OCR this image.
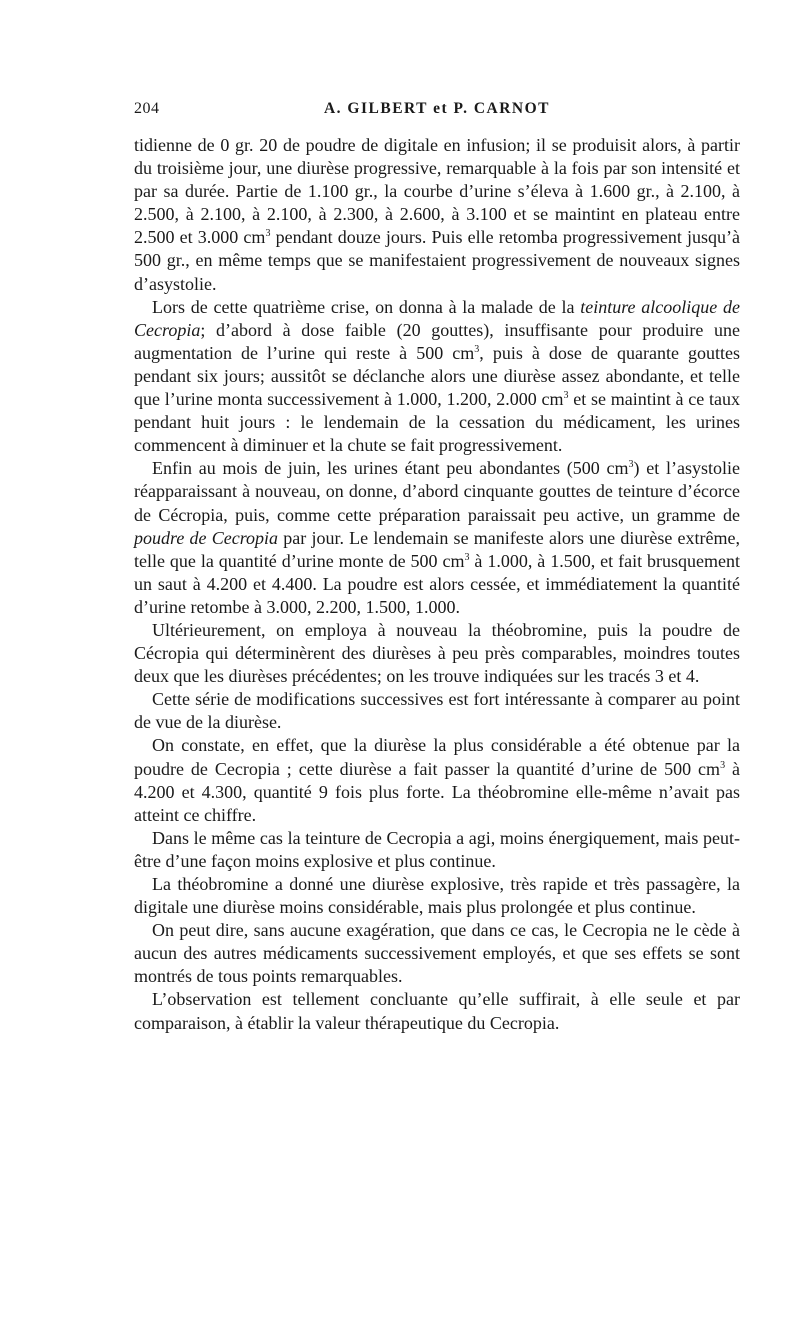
204	A. GILBERT et P. CARNOT

tidienne de 0 gr. 20 de poudre de digitale en infusion; il se produisit alors, à partir du troisième jour, une diurèse progressive, remarquable à la fois par son intensité et par sa durée. Partie de 1.100 gr., la courbe d’urine s’éleva à 1.600 gr., à 2.100, à 2.500, à 2.100, à 2.100, à 2.300, à 2.600, à 3.100 et se maintint en plateau entre 2.500 et 3.000 $cm^3$ pendant douze jours. Puis elle retomba progressivement jusqu’à 500 gr., en même temps que se manifestaient progressivement de nouveaux signes d’asystolie.

Lors de cette quatrième crise, on donna à la malade de la teinture alcoolique de Cecropia; d’abord à dose faible (20 gouttes), insuffisante pour produire une augmentation de l’urine qui reste à 500 $cm^3$, puis à dose de quarante gouttes pendant six jours; aussitôt se déclanche alors une diurèse assez abondante, et telle que l’urine monta successivement à 1.000, 1.200, 2.000 $cm^3$ et se maintint à ce taux pendant huit jours : le lendemain de la cessation du médicament, les urines commencent à diminuer et la chute se fait progressivement.

Enfin au mois de juin, les urines étant peu abondantes (500 $cm^3$) et l’asystolie réapparaissant à nouveau, on donne, d’abord cinquante gouttes de teinture d’écorce de Cécropia, puis, comme cette préparation paraissait peu active, un gramme de poudre de Cecropia par jour. Le lendemain se manifeste alors une diurèse extrême, telle que la quantité d’urine monte de 500 $cm^3$ à 1.000, à 1.500, et fait brusquement un saut à 4.200 et 4.400. La poudre est alors cessée, et immédiatement la quantité d’urine retombe à 3.000, 2.200, 1.500, 1.000.

Ultérieurement, on employa à nouveau la théobromine, puis la poudre de Cécropia qui déterminèrent des diurèses à peu près comparables, moindres toutes deux que les diurèses précédentes; on les trouve indiquées sur les tracés 3 et 4.

Cette série de modifications successives est fort intéressante à comparer au point de vue de la diurèse.

On constate, en effet, que la diurèse la plus considérable a été obtenue par la poudre de Cecropia ; cette diurèse a fait passer la quantité d’urine de 500 $cm^3$ à 4.200 et 4.300, quantité 9 fois plus forte. La théobromine elle-même n’avait pas atteint ce chiffre.

Dans le même cas la teinture de Cecropia a agi, moins énergiquement, mais peut-être d’une façon moins explosive et plus continue.

La théobromine a donné une diurèse explosive, très rapide et très passagère, la digitale une diurèse moins considérable, mais plus prolongée et plus continue.

On peut dire, sans aucune exagération, que dans ce cas, le Cecropia ne le cède à aucun des autres médicaments successivement employés, et que ses effets se sont montrés de tous points remarquables.

L’observation est tellement concluante qu’elle suffirait, à elle seule et par comparaison, à établir la valeur thérapeutique du Cecropia.
